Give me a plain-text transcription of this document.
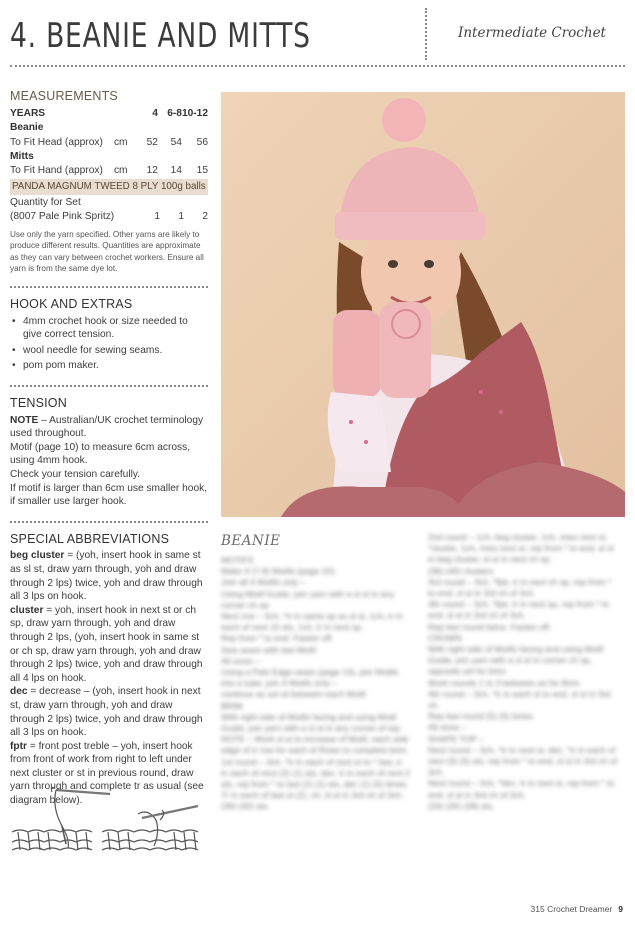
4. BEANIE AND MITTS	Intermediate Crochet
MEASUREMENTS
YEARS		4	6-8	10-12
Beanie				
To Fit Head (approx)	cm	52	54	56
Mitts				
To Fit Hand (approx)	cm	12	14	15
PANDA MAGNUM TWEED 8 PLY 100g balls
Quantity for Set				
(8007 Pale Pink Spritz)		1	1	2
Use only the yarn specified. Other yarns are likely to produce different results. Quantities are approximate as they can vary between crochet workers. Ensure all yarn is from the same dye lot.
HOOK AND EXTRAS
• 4mm crochet hook or size needed to give correct tension.
• wool needle for sewing seams.
• pom pom maker.
TENSION
NOTE – Australian/UK crochet terminology used throughout.
Motif (page 10) to measure 6cm across, using 4mm hook.
Check your tension carefully.
If motif is larger than 6cm use smaller hook, if smaller use larger hook.
SPECIAL ABBREVIATIONS

beg cluster = (yoh, insert hook in same st as sl st, draw yarn through, yoh and draw through 2 lps) twice, yoh and draw through all 3 lps on hook.

cluster = yoh, insert hook in next st or ch sp, draw yarn through, yoh and draw through 2 lps, (yoh, insert hook in same st or ch sp, draw yarn through, yoh and draw through 2 lps) twice, yoh and draw through all 4 lps on hook.

dec = decrease – (yoh, insert hook in next st, draw yarn through, yoh and draw through 2 lps) twice, yoh and draw through all 3 lps on hook.

fptr = front post treble – yoh, insert hook from front of work from right to left under next cluster or st in previous round, draw yarn through and complete tr as usual (see diagram below).

BEANIE

MOTIFS

Make 4 (7-8) Motifs (page 10).

Join all 4 Motifs only –

Using Motif Guide, join yarn with a sl st in any corner ch sp.

Next row – 3ch, *tr in same sp as sl st, 1ch, tr in each of next 15 sts, 1ch, tr in next sp.

Rep from * to end. Fasten off.

Sew seam with last Motif.

All sizes –

Using a Pale Edge seam (page 13), join Motifs into a tube, join 4 Motifs only –

continue as set at between each Motif.

BRIM

With right side of Motifs facing and using Motif Guide, join yarn with a sl st in any corner of top.

NOTE – Work sl st to increase of Motif, each side edge of tr row for each of Rows to complete brim.

1st round – 3ch, *tr in each of next st to * last, tr in each of next (2) (1) sts, dec, tr in each of next 2 sts, rep from * to last (2) (1) sts, dec (1) (5) times. Tr in each of last st (2), ch, sl st in 3rd ch of 3ch. (36) (40) sts.

2nd round – 1ch, beg cluster, 1ch, miss next st, *cluster, 1ch, miss next st, rep from * to end, sl st in beg cluster, sl st in next ch sp.

(36) (40) clusters.

3rd round – 3ch, *fptr, tr in next ch sp, rep from * to end, sl st in 3rd ch of 3ch.

4th round – 3ch, *fptr, tr in next sp, rep from * to end, sl st in 3rd ch of 3ch.

Rep last round twice. Fasten off.

CROWN

With right side of Motifs facing and using Motif Guide, join yarn with a sl st in corner ch sp, opposite sel for brim.

Work rounds 1 to 3 between as for Brim.

4th round – 3ch, *tr in each st to end, sl st in 3rd ch.

Rep last round (5) (5) times.

All sizes –

SHAPE TOP –

Next round – 3ch, *tr in next st, dec, *tr in each of next (3) (5) sts, rep from * to end, sl st in 3rd ch of 3ch.

Next round – 3ch, *dec, tr in next st, rep from * to end, sl st in 3rd ch of 3ch.

(24) (26) (28) sts.

315 Crochet Dreamer 9
